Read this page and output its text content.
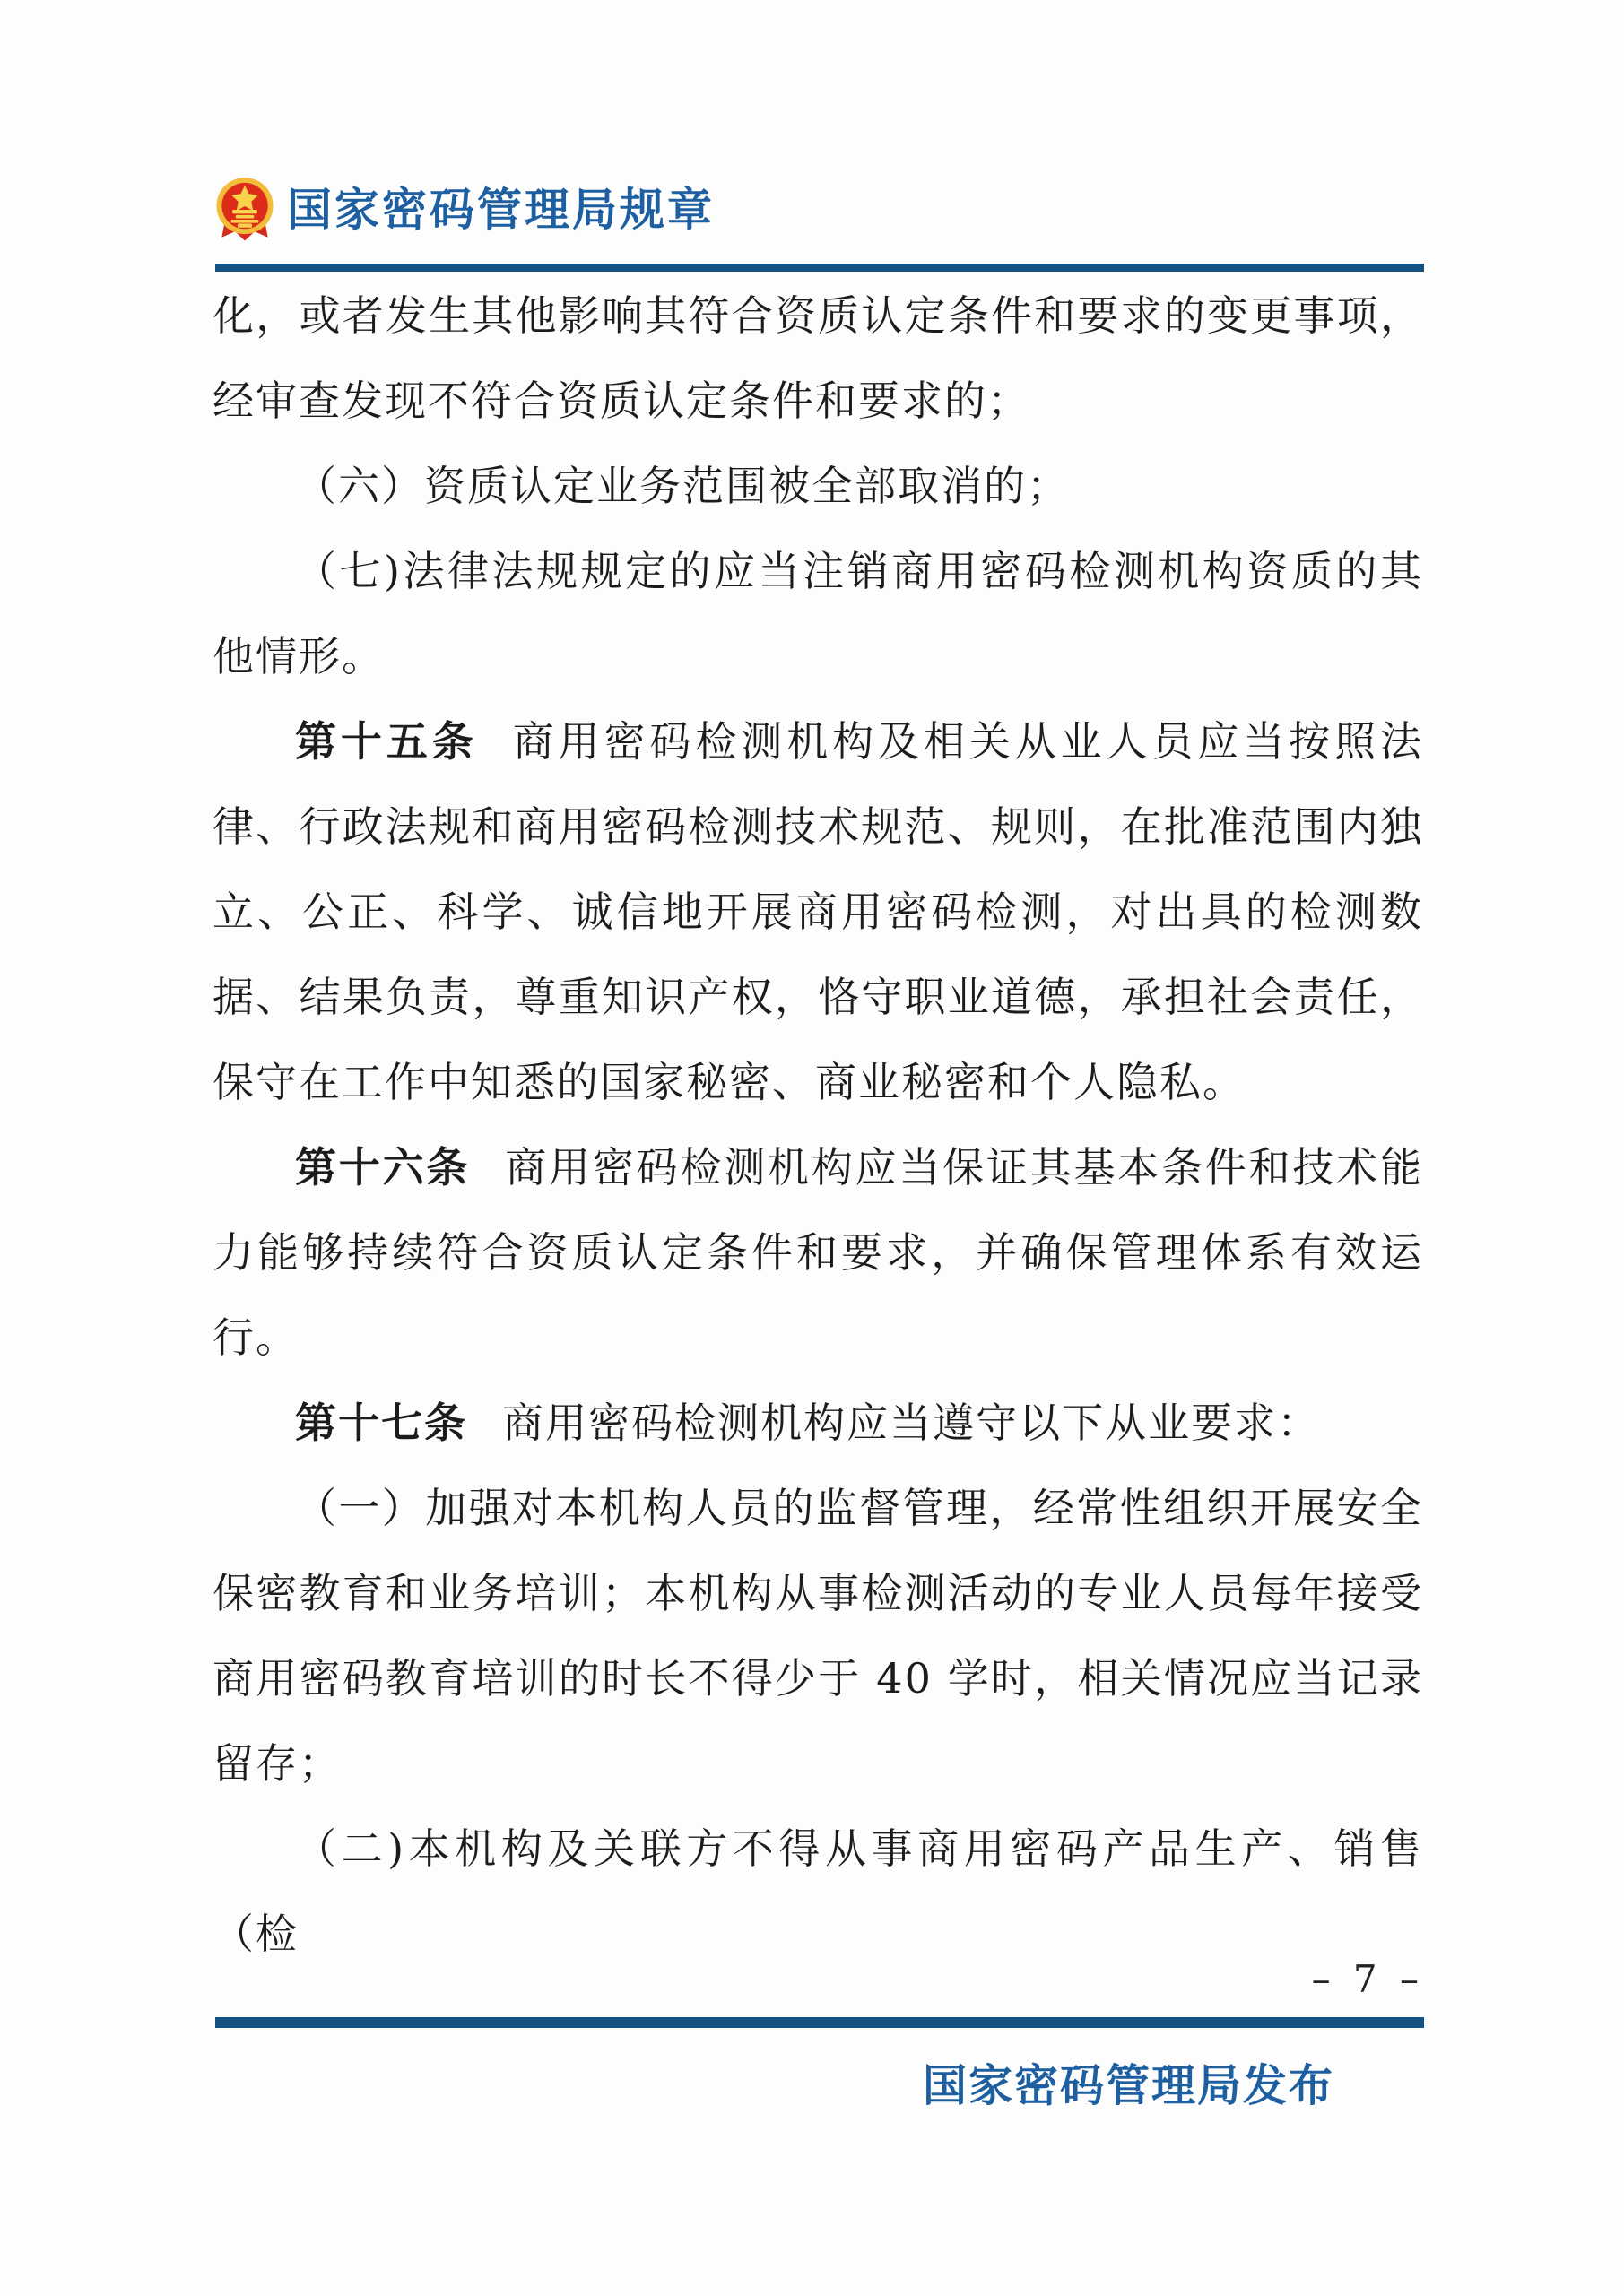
国家密码管理局规章

化，或者发生其他影响其符合资质认定条件和要求的变更事项，经审查发现不符合资质认定条件和要求的；

（六）资质认定业务范围被全部取消的；

（七)法律法规规定的应当注销商用密码检测机构资质的其他情形。

第十五条 商用密码检测机构及相关从业人员应当按照法律、行政法规和商用密码检测技术规范、规则，在批准范围内独立、公正、科学、诚信地开展商用密码检测，对出具的检测数据、结果负责，尊重知识产权，恪守职业道德，承担社会责任，保守在工作中知悉的国家秘密、商业秘密和个人隐私。

第十六条 商用密码检测机构应当保证其基本条件和技术能力能够持续符合资质认定条件和要求，并确保管理体系有效运行。

第十七条 商用密码检测机构应当遵守以下从业要求：

（一）加强对本机构人员的监督管理，经常性组织开展安全保密教育和业务培训；本机构从事检测活动的专业人员每年接受商用密码教育培训的时长不得少于 40 学时，相关情况应当记录留存；

（二)本机构及关联方不得从事商用密码产品生产、销售（检

– 7 –
国家密码管理局发布
